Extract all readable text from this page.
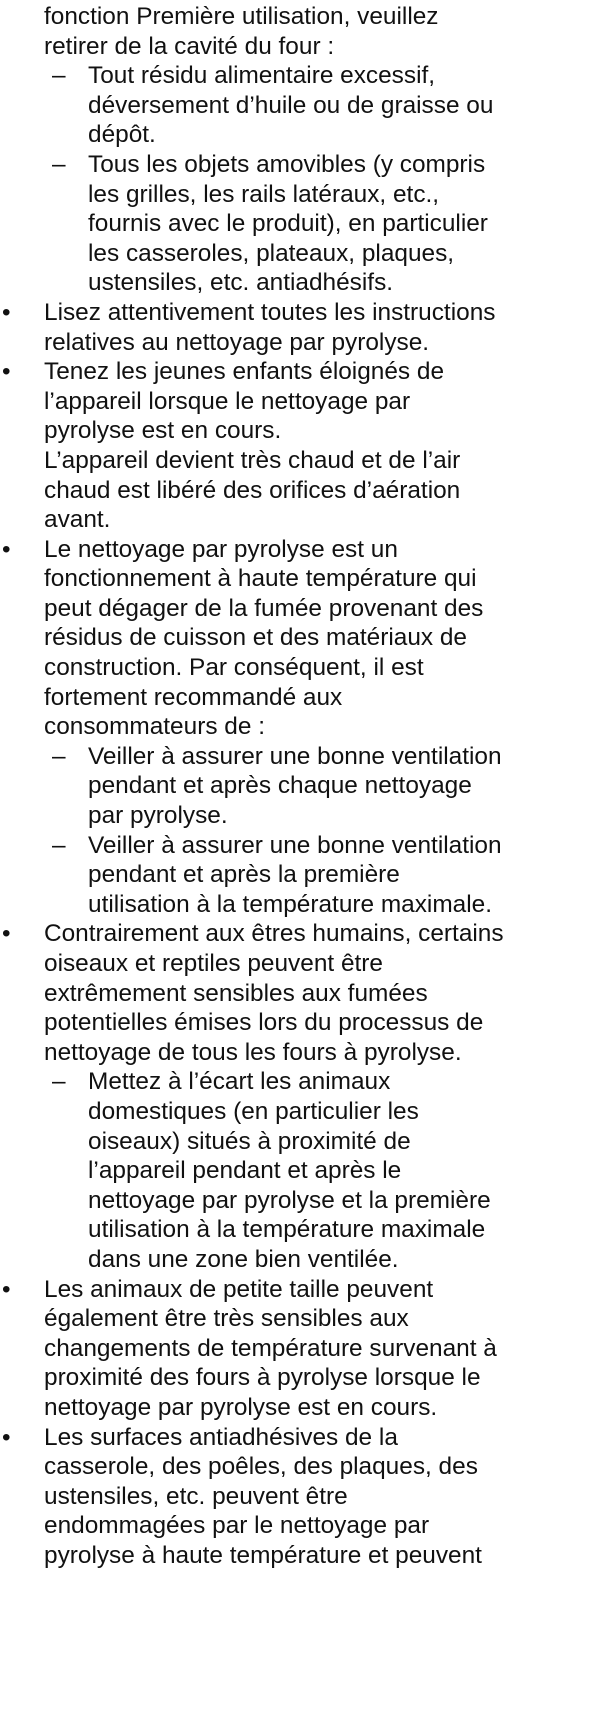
fonction Première utilisation, veuillez
retirer de la cavité du four :
– Tout résidu alimentaire excessif,
déversement d’huile ou de graisse ou
dépôt.
– Tous les objets amovibles (y compris
les grilles, les rails latéraux, etc.,
fournis avec le produit), en particulier
les casseroles, plateaux, plaques,
ustensiles, etc. antiadhésifs.
•	Lisez attentivement toutes les instructions
relatives au nettoyage par pyrolyse.
•	Tenez les jeunes enfants éloignés de
l’appareil lorsque le nettoyage par
pyrolyse est en cours.
L’appareil devient très chaud et de l’air
chaud est libéré des orifices d’aération
avant.
•	Le nettoyage par pyrolyse est un
fonctionnement à haute température qui
peut dégager de la fumée provenant des
résidus de cuisson et des matériaux de
construction. Par conséquent, il est
fortement recommandé aux
consommateurs de :
– Veiller à assurer une bonne ventilation
pendant et après chaque nettoyage
par pyrolyse.
– Veiller à assurer une bonne ventilation
pendant et après la première
utilisation à la température maximale.
•	Contrairement aux êtres humains, certains
oiseaux et reptiles peuvent être
extrêmement sensibles aux fumées
potentielles émises lors du processus de
nettoyage de tous les fours à pyrolyse.
– Mettez à l’écart les animaux
domestiques (en particulier les
oiseaux) situés à proximité de
l’appareil pendant et après le
nettoyage par pyrolyse et la première
utilisation à la température maximale
dans une zone bien ventilée.
•	Les animaux de petite taille peuvent
également être très sensibles aux
changements de température survenant à
proximité des fours à pyrolyse lorsque le
nettoyage par pyrolyse est en cours.
•	Les surfaces antiadhésives de la
casserole, des poêles, des plaques, des
ustensiles, etc. peuvent être
endommagées par le nettoyage par
pyrolyse à haute température et peuvent
